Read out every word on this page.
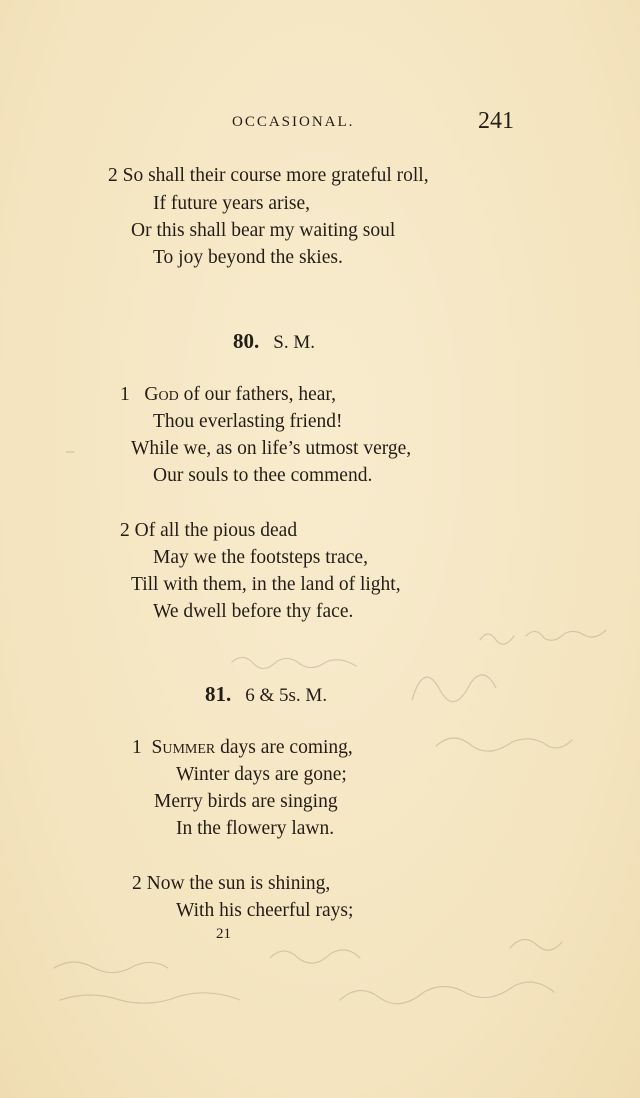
OCCASIONAL.	241
2 So shall their course more grateful roll,
If future years arise,
Or this shall bear my waiting soul
To joy beyond the skies.
80. S. M.
1 God of our fathers, hear,
Thou everlasting friend!
While we, as on life’s utmost verge,
Our souls to thee commend.
2 Of all the pious dead
May we the footsteps trace,
Till with them, in the land of light,
We dwell before thy face.
81. 6 & 5s. M.
1 Summer days are coming,
Winter days are gone;
Merry birds are singing
In the flowery lawn.
2 Now the sun is shining,
With his cheerful rays;
21
